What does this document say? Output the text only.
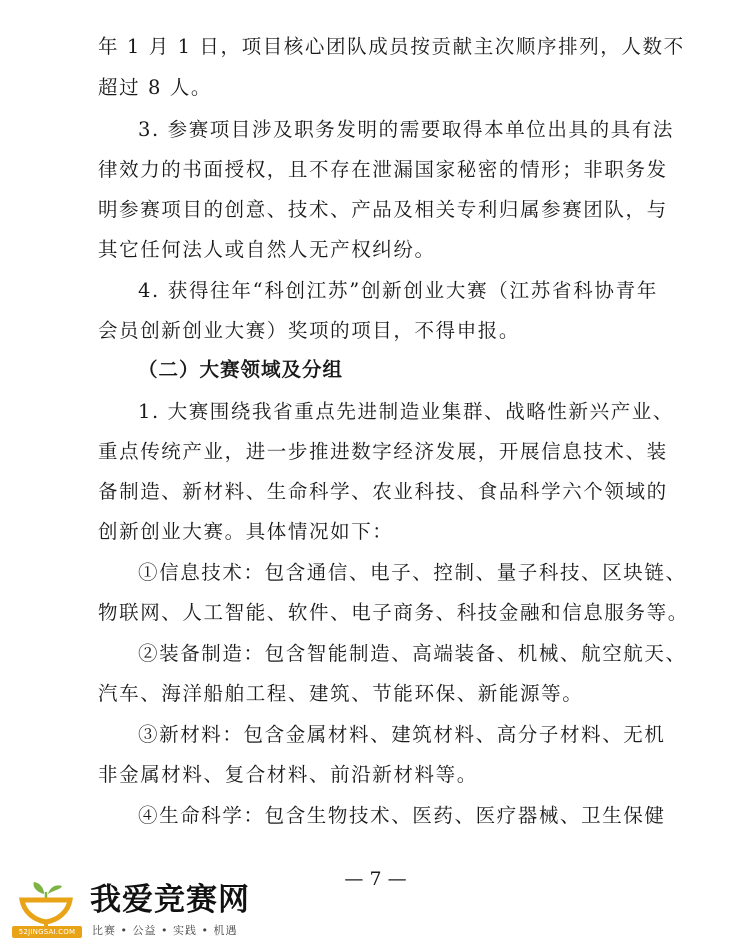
年 1 月 1 日，项目核心团队成员按贡献主次顺序排列，人数不
超过 8 人。
3. 参赛项目涉及职务发明的需要取得本单位出具的具有法
律效力的书面授权，且不存在泄漏国家秘密的情形；非职务发
明参赛项目的创意、技术、产品及相关专利归属参赛团队，与
其它任何法人或自然人无产权纠纷。
4. 获得往年“科创江苏”创新创业大赛（江苏省科协青年
会员创新创业大赛）奖项的项目，不得申报。
（二）大赛领域及分组
1. 大赛围绕我省重点先进制造业集群、战略性新兴产业、
重点传统产业，进一步推进数字经济发展，开展信息技术、装
备制造、新材料、生命科学、农业科技、食品科学六个领域的
创新创业大赛。具体情况如下：
①信息技术：包含通信、电子、控制、量子科技、区块链、
物联网、人工智能、软件、电子商务、科技金融和信息服务等。
②装备制造：包含智能制造、高端装备、机械、航空航天、
汽车、海洋船舶工程、建筑、节能环保、新能源等。
③新材料：包含金属材料、建筑材料、高分子材料、无机
非金属材料、复合材料、前沿新材料等。
④生命科学：包含生物技术、医药、医疗器械、卫生保健
— 7 —
52JINGSAI.COM
我爱竞赛网
比赛 • 公益 • 实践 • 机遇
